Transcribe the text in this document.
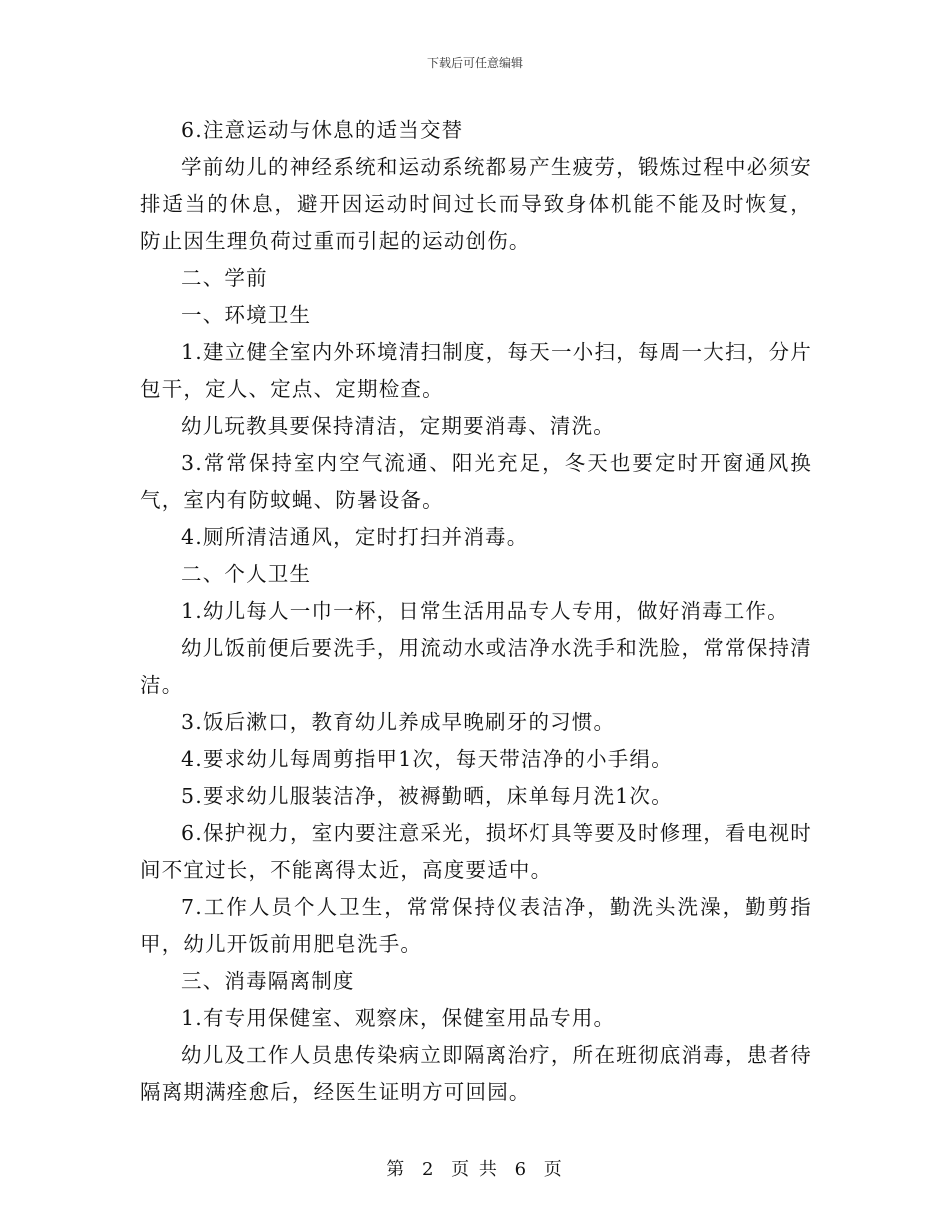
下载后可任意编辑

6.注意运动与休息的适当交替

学前幼儿的神经系统和运动系统都易产生疲劳，锻炼过程中必须安排适当的休息，避开因运动时间过长而导致身体机能不能及时恢复，防止因生理负荷过重而引起的运动创伤。

二、学前

一、环境卫生

1.建立健全室内外环境清扫制度，每天一小扫，每周一大扫，分片包干，定人、定点、定期检查。

幼儿玩教具要保持清洁，定期要消毒、清洗。

3.常常保持室内空气流通、阳光充足，冬天也要定时开窗通风换气，室内有防蚊蝇、防暑设备。

4.厕所清洁通风，定时打扫并消毒。

二、个人卫生

1.幼儿每人一巾一杯，日常生活用品专人专用，做好消毒工作。

幼儿饭前便后要洗手，用流动水或洁净水洗手和洗脸，常常保持清洁。

3.饭后漱口，教育幼儿养成早晚刷牙的习惯。

4.要求幼儿每周剪指甲1次，每天带洁净的小手绢。

5.要求幼儿服装洁净，被褥勤晒，床单每月洗1次。

6.保护视力，室内要注意采光，损坏灯具等要及时修理，看电视时间不宜过长，不能离得太近，高度要适中。

7.工作人员个人卫生，常常保持仪表洁净，勤洗头洗澡，勤剪指甲，幼儿开饭前用肥皂洗手。

三、消毒隔离制度

1.有专用保健室、观察床，保健室用品专用。

幼儿及工作人员患传染病立即隔离治疗，所在班彻底消毒，患者待隔离期满痊愈后，经医生证明方可回园。

第 2 页 共 6 页
